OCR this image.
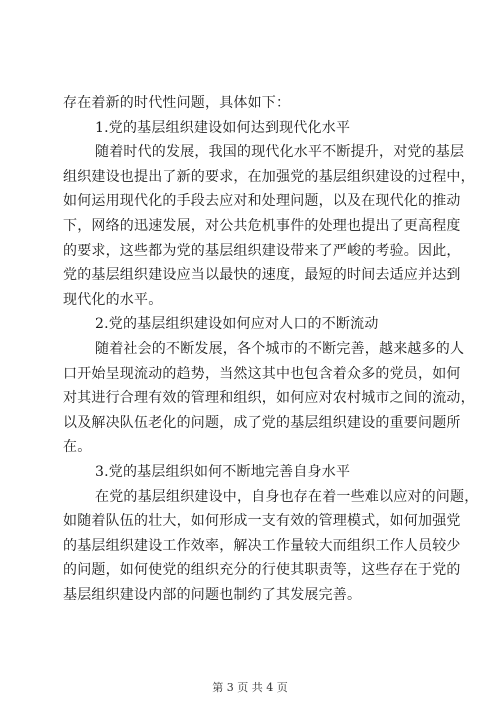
存在着新的时代性问题，具体如下：
1.党的基层组织建设如何达到现代化水平
随着时代的发展，我国的现代化水平不断提升，对党的基层
组织建设也提出了新的要求，在加强党的基层组织建设的过程中，
如何运用现代化的手段去应对和处理问题，以及在现代化的推动
下，网络的迅速发展，对公共危机事件的处理也提出了更高程度
的要求，这些都为党的基层组织建设带来了严峻的考验。因此，
党的基层组织建设应当以最快的速度，最短的时间去适应并达到
现代化的水平。
2.党的基层组织建设如何应对人口的不断流动
随着社会的不断发展，各个城市的不断完善，越来越多的人
口开始呈现流动的趋势，当然这其中也包含着众多的党员，如何
对其进行合理有效的管理和组织，如何应对农村城市之间的流动，
以及解决队伍老化的问题，成了党的基层组织建设的重要问题所
在。
3.党的基层组织如何不断地完善自身水平
在党的基层组织建设中，自身也存在着一些难以应对的问题，
如随着队伍的壮大，如何形成一支有效的管理模式，如何加强党
的基层组织建设工作效率，解决工作量较大而组织工作人员较少
的问题，如何使党的组织充分的行使其职责等，这些存在于党的
基层组织建设内部的问题也制约了其发展完善。
第 3 页 共 4 页
